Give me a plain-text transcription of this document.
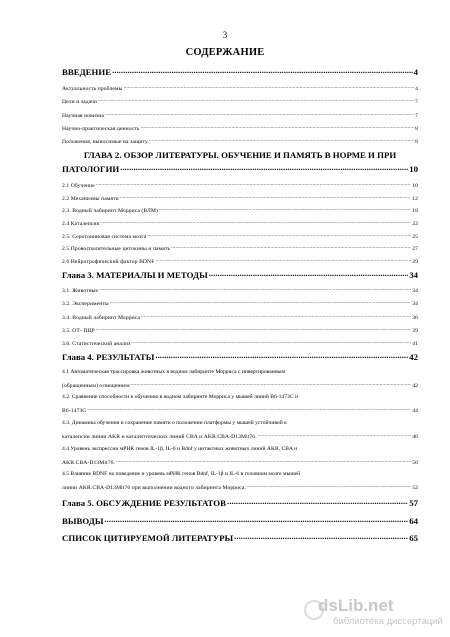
3
СОДЕРЖАНИЕ
ВВЕДЕНИЕ .....	4
Актуальность проблемы .....	4
Цели и задачи .....	7
Научная новизна .....	7
Научно-практическая ценность .....	8
Положения, выносимые на защиту .....	8
ГЛАВА 2. ОБЗОР ЛИТЕРАТУРЫ. ОБУЧЕНИЕ И ПАМЯТЬ В НОРМЕ И ПРИ
ПАТОЛОГИИ .....	10
2.1 Обучение .....	10
2.2 Механизмы памяти .....	12
2.3. Водный лабиринт Морриса (ВЛМ) .....	18
2.4 Каталепсия .....	22
2.5. Серотониновая система мозга .....	25
2.5 Провоспалительные цитокины и память .....	27
2.6 Нейротрофический фактор BDNF .....	29
Глава 3. МАТЕРИАЛЫ И МЕТОДЫ .....	34
3.1. Животные .....	34
3.2. Эксперименты .....	34
3.4. Водный лабиринт Морриса .....	36
3.5. ОТ- ПЦР .....	39
3.6. Статистический анализ .....	41
Глава 4. РЕЗУЛЬТАТЫ .....	42
4.1 Автоматическая трассировка животных в водном лабиринте Морриса с инвертированным
(обращенным) освещением .....	42
4.2. Сравнение способности к обучению в водном лабиринте Морриса у мышей линий B6-1473C и
B6-1473G .....	44
4.3. Динамика обучения и сохранение памяти о положении платформы у мышей устойчивой к
каталепсии линии AKR и каталептических линий CBA и AKR.CBA-D13Mit76. .....	46
4.4 Уровень экспрессии мРНК генов IL-1β, IL-6 и Bdnf у интактных животных линий AKR, CBA и
AKR.CBA-D13Mit76. .....	50
4.5 Влияние BDNF на поведение и уровень мРНК генов Bdnf, IL-1β и IL-6 в головном мозге мышей
линии AKR.CBA-D13Mit76 при выполнении водного лабиринта Морриса. .....	52
Глава 5. ОБСУЖДЕНИЕ РЕЗУЛЬТАТОВ .....	57
ВЫВОДЫ .....	64
СПИСОК ЦИТИРУЕМОЙ ЛИТЕРАТУРЫ .....	65
dsLib.net
библиотека диссертаций
